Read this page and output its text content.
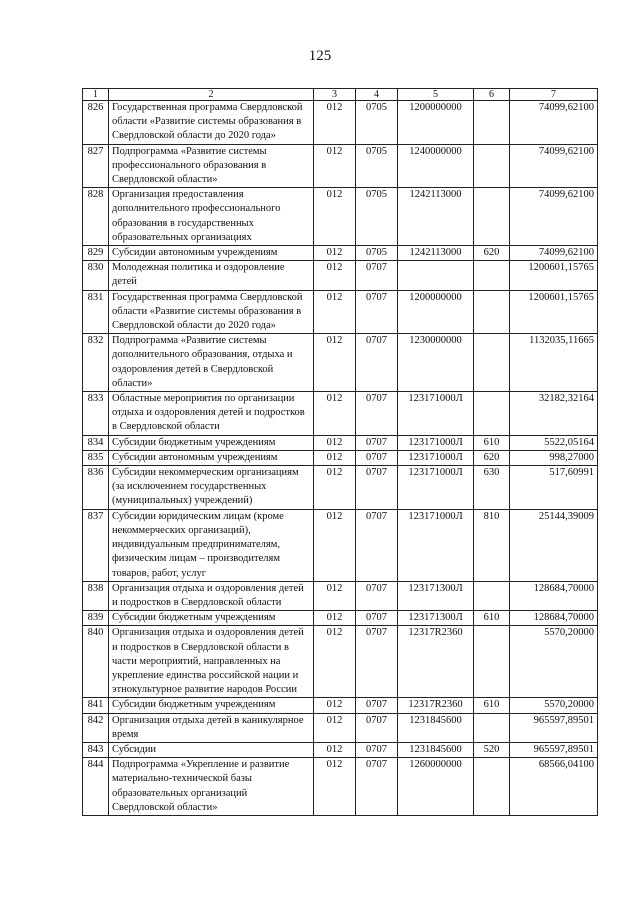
125
1	2	3	4	5	6	7
826	Государственная программа Свердловской области «Развитие системы образования в Свердловской области до 2020 года»	012	0705	1200000000		74099,62100
827	Подпрограмма «Развитие системы профессионального образования в Свердловской области»	012	0705	1240000000		74099,62100
828	Организация предоставления дополнительного профессионального образования в государственных образовательных организациях	012	0705	1242113000		74099,62100
829	Субсидии автономным учреждениям	012	0705	1242113000	620	74099,62100
830	Молодежная политика и оздоровление детей	012	0707			1200601,15765
831	Государственная программа Свердловской области «Развитие системы образования в Свердловской области до 2020 года»	012	0707	1200000000		1200601,15765
832	Подпрограмма «Развитие системы дополнительного образования, отдыха и оздоровления детей в Свердловской области»	012	0707	1230000000		1132035,11665
833	Областные мероприятия по организации отдыха и оздоровления детей и подростков в Свердловской области	012	0707	123171000Л		32182,32164
834	Субсидии бюджетным учреждениям	012	0707	123171000Л	610	5522,05164
835	Субсидии автономным учреждениям	012	0707	123171000Л	620	998,27000
836	Субсидии некоммерческим организациям (за исключением государственных (муниципальных) учреждений)	012	0707	123171000Л	630	517,60991
837	Субсидии юридическим лицам (кроме некоммерческих организаций), индивидуальным предпринимателям, физическим лицам – производителям товаров, работ, услуг	012	0707	123171000Л	810	25144,39009
838	Организация отдыха и оздоровления детей и подростков в Свердловской области	012	0707	123171300Л		128684,70000
839	Субсидии бюджетным учреждениям	012	0707	123171300Л	610	128684,70000
840	Организация отдыха и оздоровления детей и подростков в Свердловской области в части мероприятий, направленных на укрепление единства российской нации и этнокультурное развитие народов России	012	0707	12317R2360		5570,20000
841	Субсидии бюджетным учреждениям	012	0707	12317R2360	610	5570,20000
842	Организация отдыха детей в каникулярное время	012	0707	1231845600		965597,89501
843	Субсидии	012	0707	1231845600	520	965597,89501
844	Подпрограмма «Укрепление и развитие материально-технической базы образовательных организаций Свердловской области»	012	0707	1260000000		68566,04100
